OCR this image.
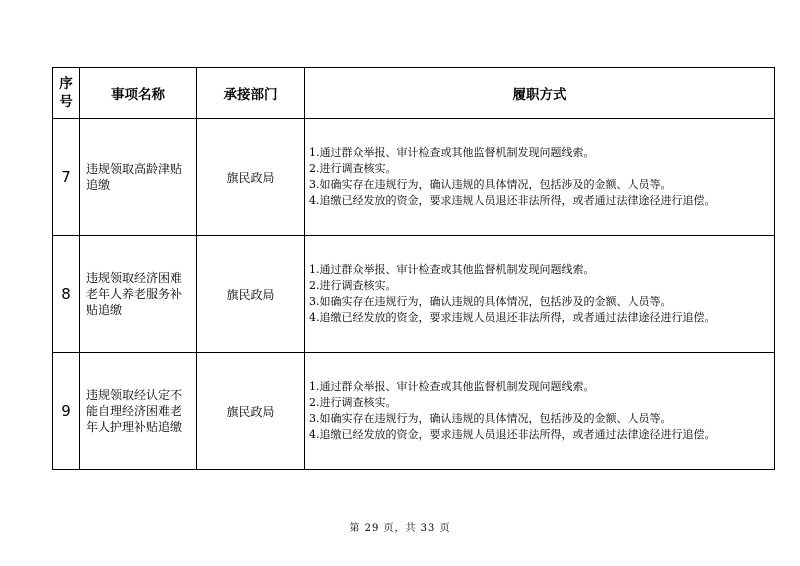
序
号	事项名称	承接部门	履职方式
7	违规领取高龄津贴追缴	旗民政局	1.通过群众举报、审计检查或其他监督机制发现问题线索。
2.进行调查核实。
3.如确实存在违规行为，确认违规的具体情况，包括涉及的金额、人员等。
4.追缴已经发放的资金，要求违规人员退还非法所得，或者通过法律途径进行追偿。

8	违规领取经济困难老年人养老服务补贴追缴	旗民政局	1.通过群众举报、审计检查或其他监督机制发现问题线索。
2.进行调查核实。
3.如确实存在违规行为，确认违规的具体情况，包括涉及的金额、人员等。
4.追缴已经发放的资金，要求违规人员退还非法所得，或者通过法律途径进行追偿。

9	违规领取经认定不能自理经济困难老年人护理补贴追缴	旗民政局	1.通过群众举报、审计检查或其他监督机制发现问题线索。
2.进行调查核实。
3.如确实存在违规行为，确认违规的具体情况，包括涉及的金额、人员等。
4.追缴已经发放的资金，要求违规人员退还非法所得，或者通过法律途径进行追偿。
第 29 页，共 33 页
